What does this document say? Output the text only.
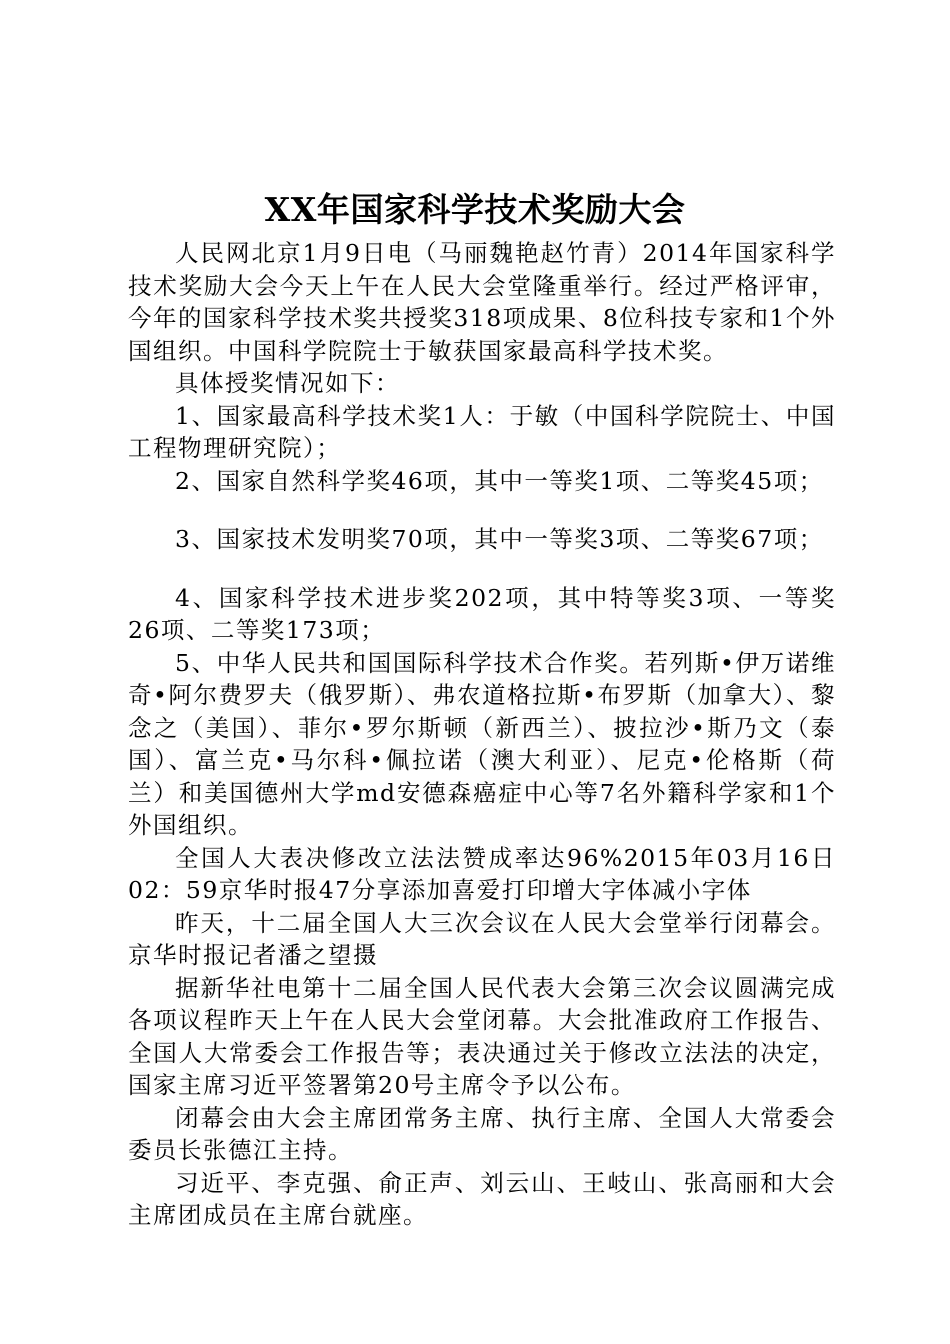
XX年国家科学技术奖励大会

人民网北京1月9日电（马丽魏艳赵竹青）2014年国家科学技术奖励大会今天上午在人民大会堂隆重举行。经过严格评审，今年的国家科学技术奖共授奖318项成果、8位科技专家和1个外国组织。中国科学院院士于敏获国家最高科学技术奖。

具体授奖情况如下：

1、国家最高科学技术奖1人：于敏（中国科学院院士、中国工程物理研究院）；

2、国家自然科学奖46项，其中一等奖1项、二等奖45项；

3、国家技术发明奖70项，其中一等奖3项、二等奖67项；

4、国家科学技术进步奖202项，其中特等奖3项、一等奖26项、二等奖173项；

5、中华人民共和国国际科学技术合作奖。若列斯•伊万诺维奇•阿尔费罗夫（俄罗斯）、弗农道格拉斯•布罗斯（加拿大）、黎念之（美国）、菲尔•罗尔斯顿（新西兰）、披拉沙•斯乃文（泰国）、富兰克•马尔科•佩拉诺（澳大利亚）、尼克•伦格斯（荷兰）和美国德州大学md安德森癌症中心等7名外籍科学家和1个外国组织。

全国人大表决修改立法法赞成率达96%2015年03月16日02：59京华时报47分享添加喜爱打印增大字体减小字体

昨天，十二届全国人大三次会议在人民大会堂举行闭幕会。京华时报记者潘之望摄

据新华社电第十二届全国人民代表大会第三次会议圆满完成各项议程昨天上午在人民大会堂闭幕。大会批准政府工作报告、全国人大常委会工作报告等；表决通过关于修改立法法的决定，国家主席习近平签署第20号主席令予以公布。

闭幕会由大会主席团常务主席、执行主席、全国人大常委会委员长张德江主持。

习近平、李克强、俞正声、刘云山、王岐山、张高丽和大会主席团成员在主席台就座。
